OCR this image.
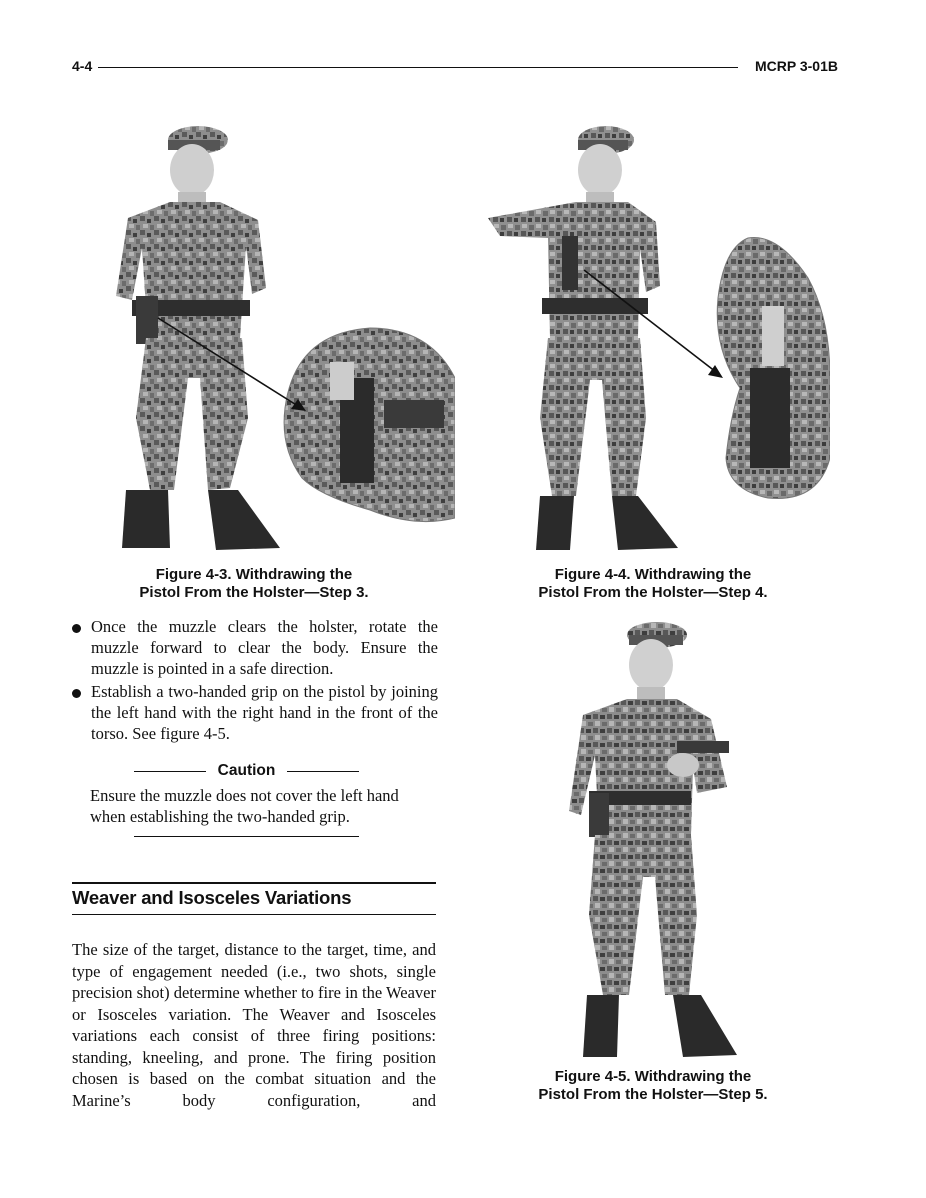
4-4	MCRP 3-01B
Figure 4-3. Withdrawing the
Pistol From the Holster—Step 3.
Figure 4-4. Withdrawing the
Pistol From the Holster—Step 4.
Once the muzzle clears the holster, rotate the muzzle forward to clear the body. Ensure the muzzle is pointed in a safe direction.
Establish a two-handed grip on the pistol by joining the left hand with the right hand in the front of the torso. See figure 4-5.
Caution
Ensure the muzzle does not cover the left hand when establishing the two-handed grip.
Weaver and Isosceles Variations
The size of the target, distance to the target, time, and type of engagement needed (i.e., two shots, single precision shot) determine whether to fire in the Weaver or Isosceles variation. The Weaver and Isosceles variations each consist of three firing positions: standing, kneeling, and prone. The firing position chosen is based on the combat situation and the Marine’s body configuration, and
Figure 4-5. Withdrawing the
Pistol From the Holster—Step 5.
